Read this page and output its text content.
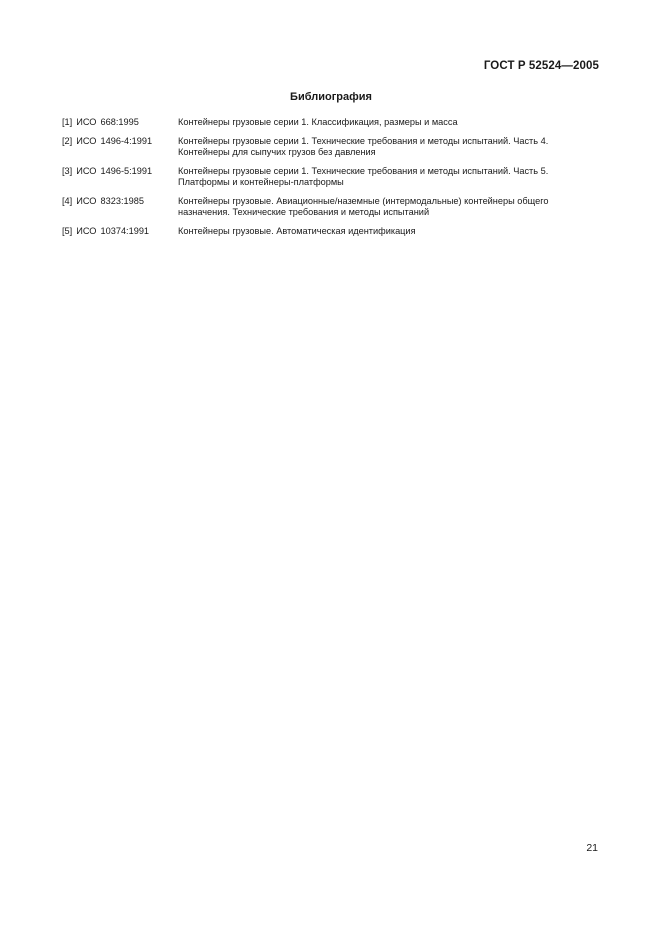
ГОСТ Р 52524—2005
Библиография
[1] ИСО 668:1995	Контейнеры грузовые серии 1. Классификация, размеры и масса
[2] ИСО 1496-4:1991	Контейнеры грузовые серии 1. Технические требования и методы испытаний. Часть 4.
Контейнеры для сыпучих грузов без давления
[3] ИСО 1496-5:1991	Контейнеры грузовые серии 1. Технические требования и методы испытаний. Часть 5.
Платформы и контейнеры-платформы
[4] ИСО 8323:1985	Контейнеры грузовые. Авиационные/наземные (интермодальные) контейнеры общего
назначения. Технические требования и методы испытаний
[5] ИСО 10374:1991	Контейнеры грузовые. Автоматическая идентификация
21
